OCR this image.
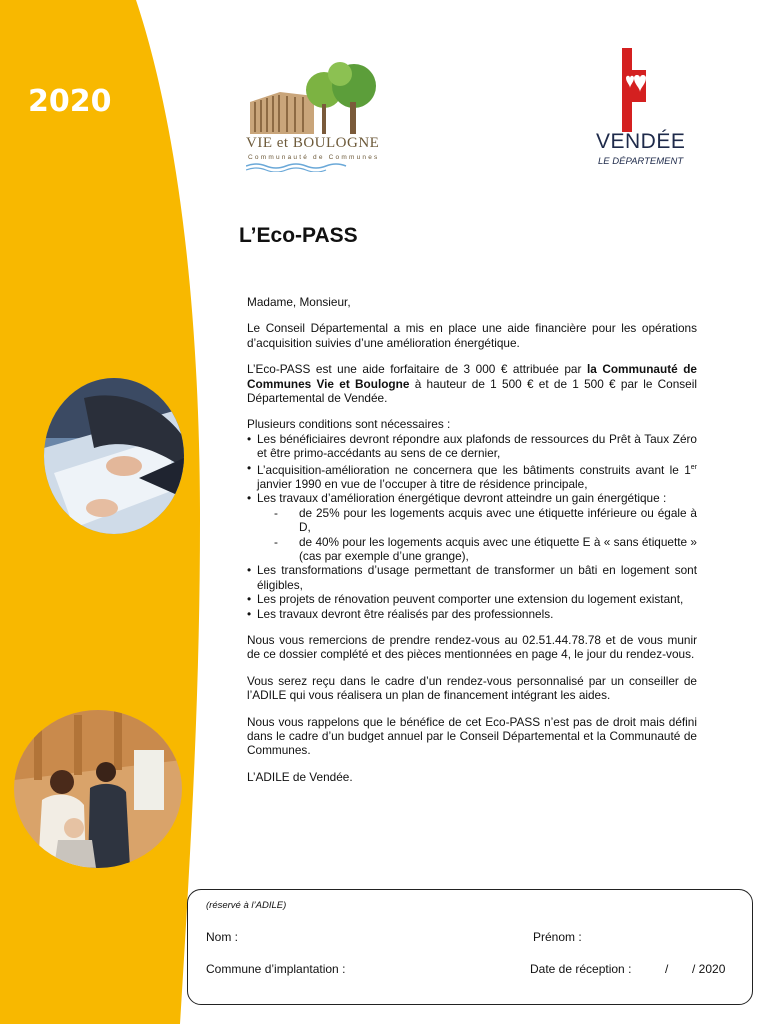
2020
VIE et BOULOGNE
Communauté de Communes
VENDÉE
LE DÉPARTEMENT
L’Eco-PASS

Madame, Monsieur,

Le Conseil Départemental a mis en place une aide financière pour les opérations d’acquisition suivies d’une amélioration énergétique.

L’Eco-PASS est une aide forfaitaire de 3 000 € attribuée par la Communauté de Communes Vie et Boulogne à hauteur de 1 500 € et de 1 500 € par le Conseil Départemental de Vendée.

Plusieurs conditions sont nécessaires :

• Les bénéficiaires devront répondre aux plafonds de ressources du Prêt à Taux Zéro et être primo-accédants au sens de ce dernier,
• L’acquisition-amélioration ne concernera que les bâtiments construits avant le 1er janvier 1990 en vue de l’occuper à titre de résidence principale,
• Les travaux d’amélioration énergétique devront atteindre un gain énergétique :
- de 25% pour les logements acquis avec une étiquette inférieure ou égale à D,
- de 40% pour les logements acquis avec une étiquette E à « sans étiquette » (cas par exemple d’une grange),
• Les transformations d’usage permettant de transformer un bâti en logement sont éligibles,
• Les projets de rénovation peuvent comporter une extension du logement existant,
• Les travaux devront être réalisés par des professionnels.

Nous vous remercions de prendre rendez-vous au 02.51.44.78.78 et de vous munir de ce dossier complété et des pièces mentionnées en page 4, le jour du rendez-vous.

Vous serez reçu dans le cadre d’un rendez-vous personnalisé par un conseiller de l’ADILE qui vous réalisera un plan de financement intégrant les aides.

Nous vous rappelons que le bénéfice de cet Eco-PASS n’est pas de droit mais défini dans le cadre d’un budget annuel par le Conseil Départemental et la Communauté de Communes.

L’ADILE de Vendée.

(réservé à l’ADILE)
Nom :	Prénom :
Commune d’implantation :	Date de réception :	/ / 2020
